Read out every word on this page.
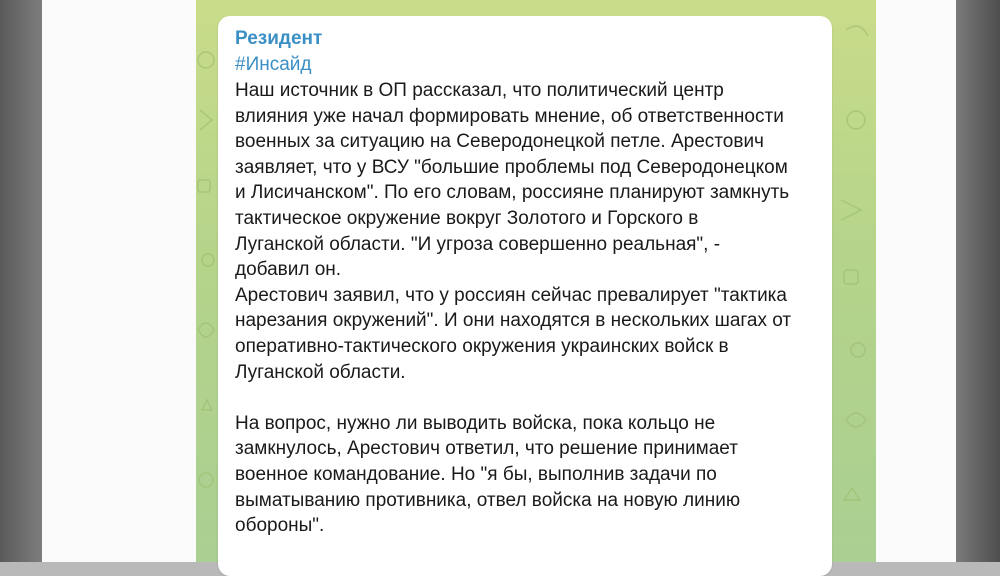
Резидент
#Инсайд
Наш источник в ОП рассказал, что политический центр
влияния уже начал формировать мнение, об ответственности
военных за ситуацию на Северодонецкой петле. Арестович
заявляет, что у ВСУ "большие проблемы под Северодонецком
и Лисичанском". По его словам, россияне планируют замкнуть
тактическое окружение вокруг Золотого и Горского в
Луганской области. "И угроза совершенно реальная", -
добавил он.
Арестович заявил, что у россиян сейчас превалирует "тактика
нарезания окружений". И они находятся в нескольких шагах от
оперативно-тактического окружения украинских войск в
Луганской области.
На вопрос, нужно ли выводить войска, пока кольцо не
замкнулось, Арестович ответил, что решение принимает
военное командование. Но "я бы, выполнив задачи по
выматыванию противника, отвел войска на новую линию
обороны".
